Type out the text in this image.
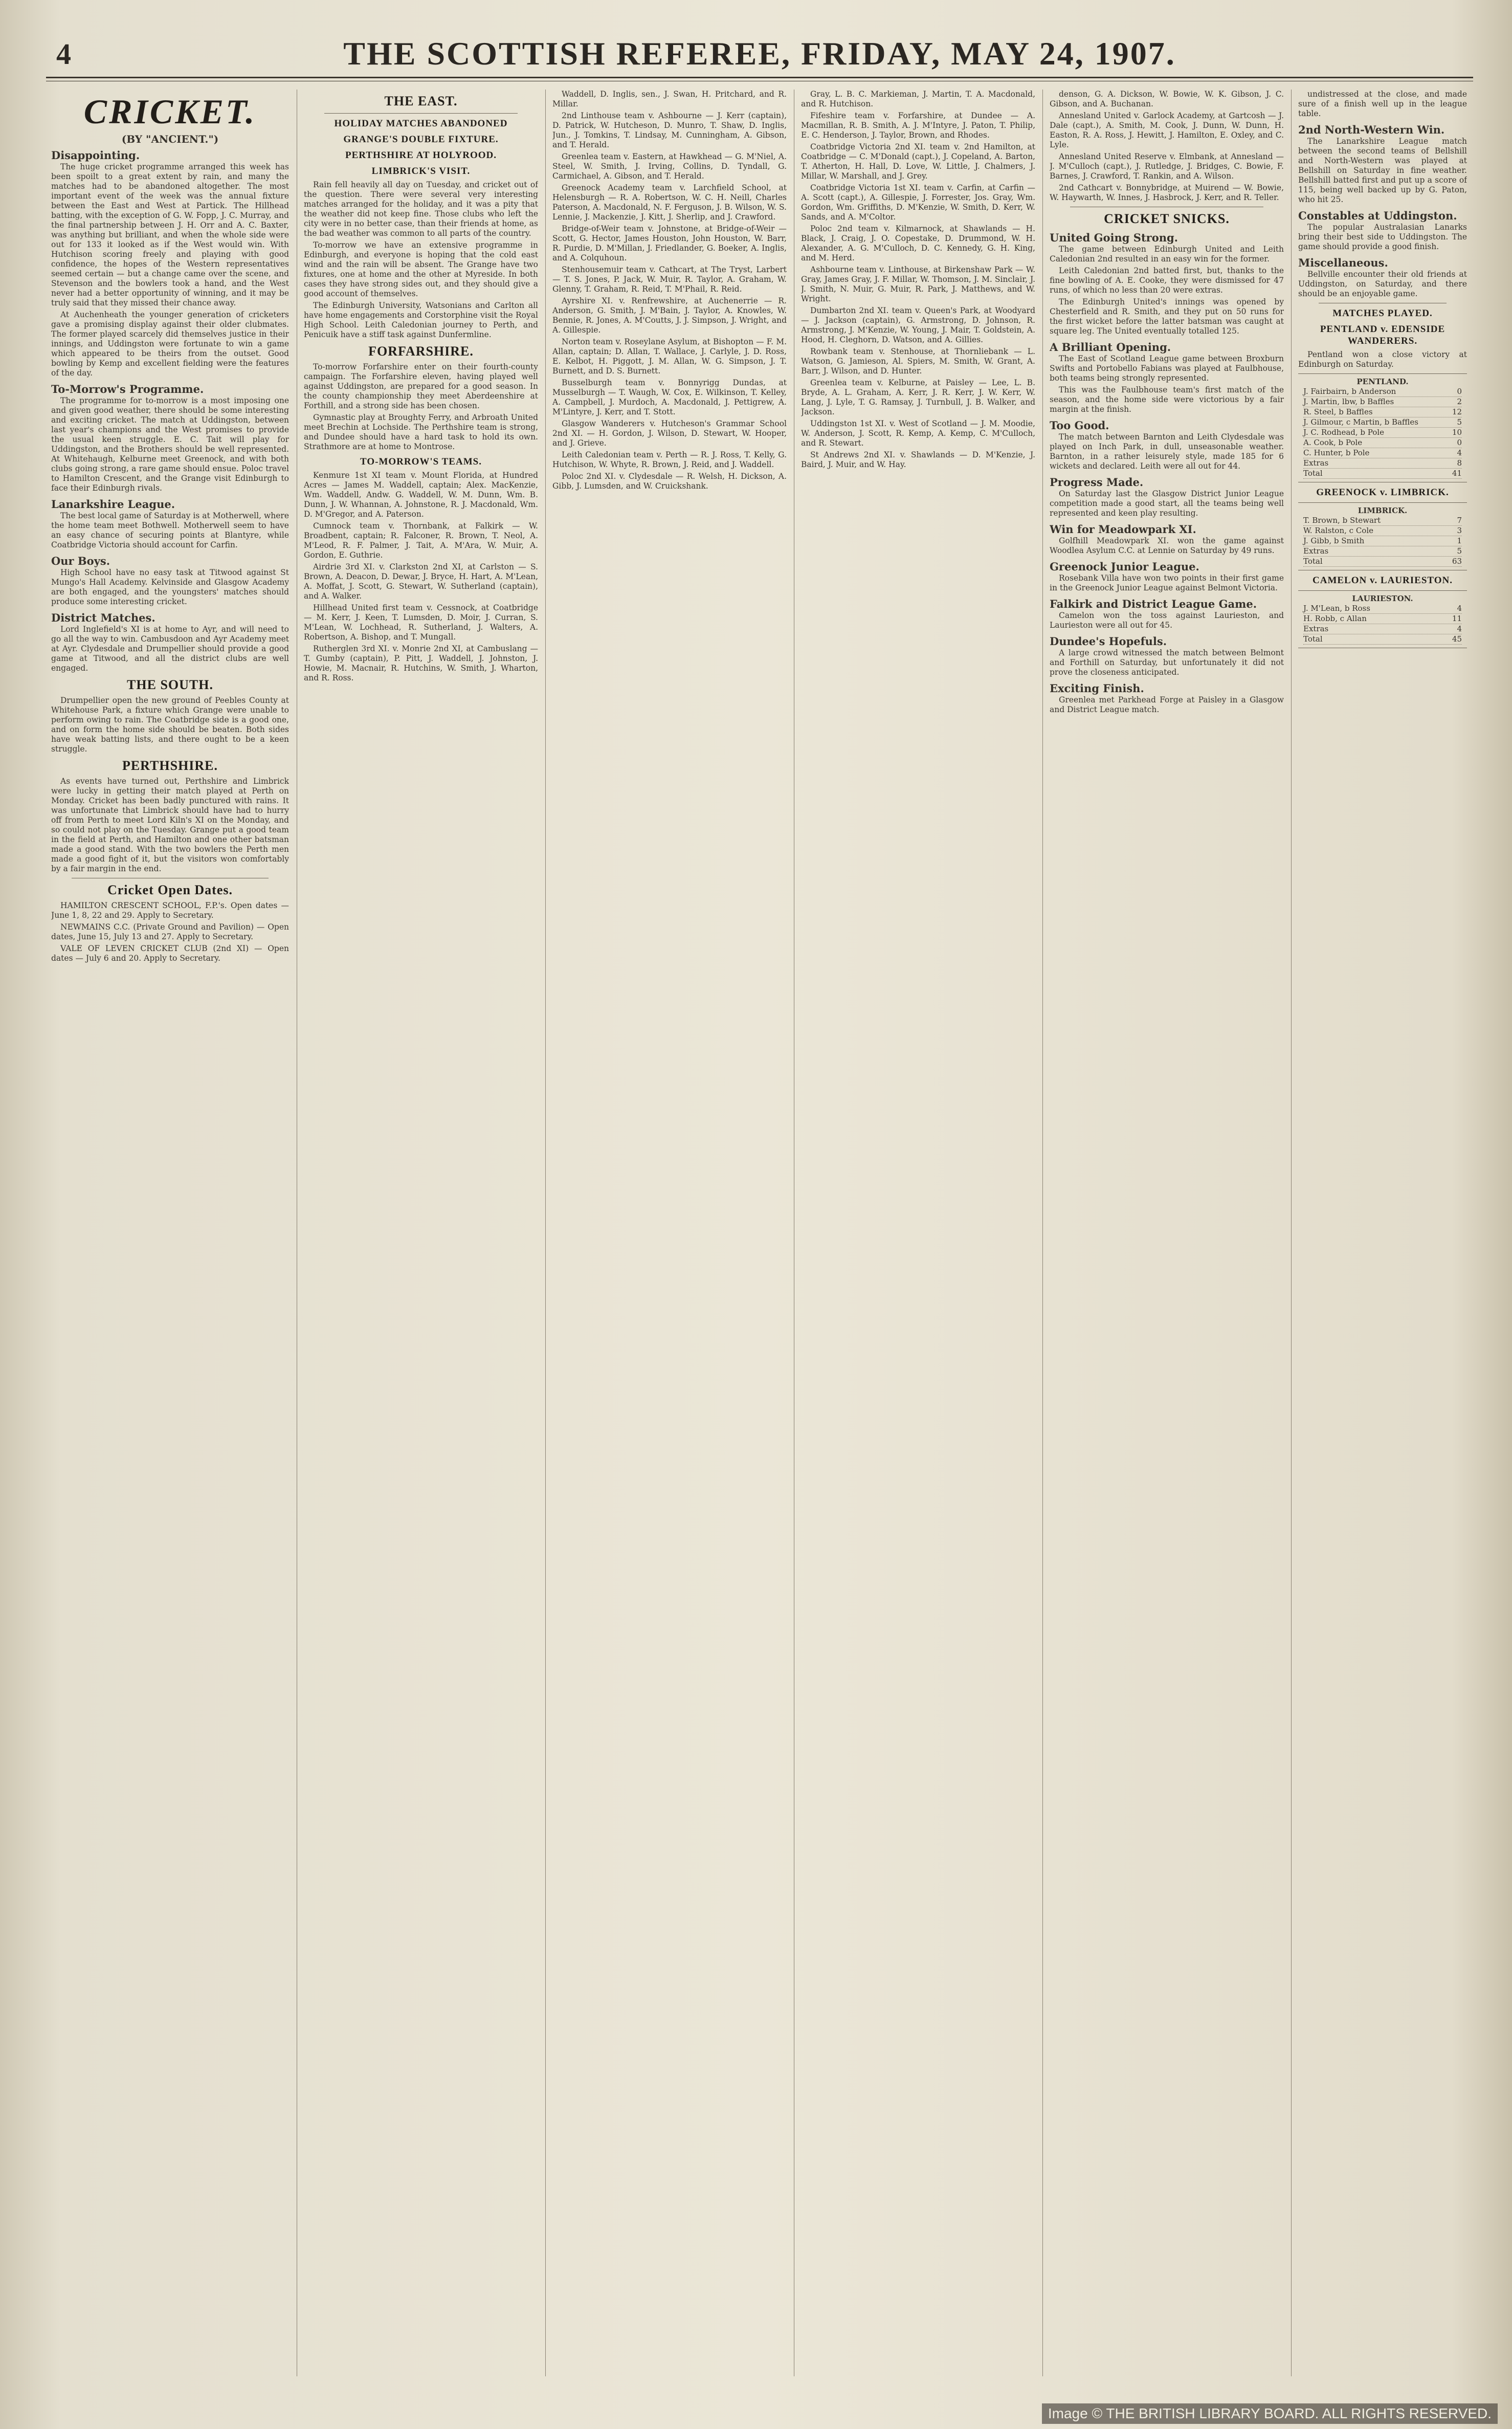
4	THE SCOTTISH REFEREE, FRIDAY, MAY 24, 1907.
CRICKET.
(BY "ANCIENT.")
Disappointing.

The huge cricket programme arranged this week has been spoilt to a great extent by rain, and many the matches had to be abandoned altogether. The most important event of the week was the annual fixture between the East and West at Partick. The Hillhead batting, with the exception of G. W. Fopp, J. C. Murray, and the final partnership between J. H. Orr and A. C. Baxter, was anything but brilliant, and when the whole side were out for 133 it looked as if the West would win. With Hutchison scoring freely and playing with good confidence, the hopes of the Western representatives seemed certain — but a change came over the scene, and Stevenson and the bowlers took a hand, and the West never had a better opportunity of winning, and it may be truly said that they missed their chance away.

At Auchenheath the younger generation of cricketers gave a promising display against their older clubmates. The former played scarcely did themselves justice in their innings, and Uddingston were fortunate to win a game which appeared to be theirs from the outset. Good bowling by Kemp and excellent fielding were the features of the day.

To-Morrow's Programme.

The programme for to-morrow is a most imposing one and given good weather, there should be some interesting and exciting cricket. The match at Uddingston, between last year's champions and the West promises to provide the usual keen struggle. E. C. Tait will play for Uddingston, and the Brothers should be well represented. At Whitehaugh, Kelburne meet Greenock, and with both clubs going strong, a rare game should ensue. Poloc travel to Hamilton Crescent, and the Grange visit Edinburgh to face their Edinburgh rivals.

Lanarkshire League.

The best local game of Saturday is at Motherwell, where the home team meet Bothwell. Motherwell seem to have an easy chance of securing points at Blantyre, while Coatbridge Victoria should account for Carfin.

Our Boys.

High School have no easy task at Titwood against St Mungo's Hall Academy. Kelvinside and Glasgow Academy are both engaged, and the youngsters' matches should produce some interesting cricket.

District Matches.

Lord Inglefield's XI is at home to Ayr, and will need to go all the way to win. Cambusdoon and Ayr Academy meet at Ayr. Clydesdale and Drumpellier should provide a good game at Titwood, and all the district clubs are well engaged.

THE SOUTH.

Drumpellier open the new ground of Peebles County at Whitehouse Park, a fixture which Grange were unable to perform owing to rain. The Coatbridge side is a good one, and on form the home side should be beaten. Both sides have weak batting lists, and there ought to be a keen struggle.

PERTHSHIRE.

As events have turned out, Perthshire and Limbrick were lucky in getting their match played at Perth on Monday. Cricket has been badly punctured with rains. It was unfortunate that Limbrick should have had to hurry off from Perth to meet Lord Kiln's XI on the Monday, and so could not play on the Tuesday. Grange put a good team in the field at Perth, and Hamilton and one other batsman made a good stand. With the two bowlers the Perth men made a good fight of it, but the visitors won comfortably by a fair margin in the end.

Cricket Open Dates.

HAMILTON CRESCENT SCHOOL, F.P.'s. Open dates — June 1, 8, 22 and 29. Apply to Secretary.

NEWMAINS C.C. (Private Ground and Pavilion) — Open dates, June 15, July 13 and 27. Apply to Secretary.

VALE OF LEVEN CRICKET CLUB (2nd XI) — Open dates — July 6 and 20. Apply to Secretary.

THE EAST.
HOLIDAY MATCHES ABANDONED
GRANGE'S DOUBLE FIXTURE.
PERTHSHIRE AT HOLYROOD.
LIMBRICK'S VISIT.

Rain fell heavily all day on Tuesday, and cricket out of the question. There were several very interesting matches arranged for the holiday, and it was a pity that the weather did not keep fine. Those clubs who left the city were in no better case, than their friends at home, as the bad weather was common to all parts of the country.

To-morrow we have an extensive programme in Edinburgh, and everyone is hoping that the cold east wind and the rain will be absent. The Grange have two fixtures, one at home and the other at Myreside. In both cases they have strong sides out, and they should give a good account of themselves.

The Edinburgh University, Watsonians and Carlton all have home engagements and Corstorphine visit the Royal High School. Leith Caledonian journey to Perth, and Penicuik have a stiff task against Dunfermline.

FORFARSHIRE.

To-morrow Forfarshire enter on their fourth-county campaign. The Forfarshire eleven, having played well against Uddingston, are prepared for a good season. In the county championship they meet Aberdeenshire at Forthill, and a strong side has been chosen.

Gymnastic play at Broughty Ferry, and Arbroath United meet Brechin at Lochside. The Perthshire team is strong, and Dundee should have a hard task to hold its own. Strathmore are at home to Montrose.

TO-MORROW'S TEAMS.

Kenmure 1st XI team v. Mount Florida, at Hundred Acres — James M. Waddell, captain; Alex. MacKenzie, Wm. Waddell, Andw. G. Waddell, W. M. Dunn, Wm. B. Dunn, J. W. Whannan, A. Johnstone, R. J. Macdonald, Wm. D. M'Gregor, and A. Paterson.

Cumnock team v. Thornbank, at Falkirk — W. Broadbent, captain; R. Falconer, R. Brown, T. Neol, A. M'Leod, R. F. Palmer, J. Tait, A. M'Ara, W. Muir, A. Gordon, E. Guthrie.

Airdrie 3rd XI. v. Clarkston 2nd XI, at Carlston — S. Brown, A. Deacon, D. Dewar, J. Bryce, H. Hart, A. M'Lean, A. Moffat, J. Scott, G. Stewart, W. Sutherland (captain), and A. Walker.

Hillhead United first team v. Cessnock, at Coatbridge — M. Kerr, J. Keen, T. Lumsden, D. Moir, J. Curran, S. M'Lean, W. Lochhead, R. Sutherland, J. Walters, A. Robertson, A. Bishop, and T. Mungall.

Rutherglen 3rd XI. v. Monrie 2nd XI, at Cambuslang — T. Gumby (captain), P. Pitt, J. Waddell, J. Johnston, J. Howie, M. Macnair, R. Hutchins, W. Smith, J. Wharton, and R. Ross.

Waddell, D. Inglis, sen., J. Swan, H. Pritchard, and R. Millar.

2nd Linthouse team v. Ashbourne — J. Kerr (captain), D. Patrick, W. Hutcheson, D. Munro, T. Shaw, D. Inglis, Jun., J. Tomkins, T. Lindsay, M. Cunningham, A. Gibson, and T. Herald.

Greenlea team v. Eastern, at Hawkhead — G. M'Niel, A. Steel, W. Smith, J. Irving, Collins, D. Tyndall, G. Carmichael, A. Gibson, and T. Herald.

Greenock Academy team v. Larchfield School, at Helensburgh — R. A. Robertson, W. C. H. Neill, Charles Paterson, A. Macdonald, N. F. Ferguson, J. B. Wilson, W. S. Lennie, J. Mackenzie, J. Kitt, J. Sherlip, and J. Crawford.

Bridge-of-Weir team v. Johnstone, at Bridge-of-Weir — Scott, G. Hector, James Houston, John Houston, W. Barr, R. Purdie, D. M'Millan, J. Friedlander, G. Boeker, A. Inglis, and A. Colquhoun.

Stenhousemuir team v. Cathcart, at The Tryst, Larbert — T. S. Jones, P. Jack, W. Muir, R. Taylor, A. Graham, W. Glenny, T. Graham, R. Reid, T. M'Phail, R. Reid.

Ayrshire XI. v. Renfrewshire, at Auchenerrie — R. Anderson, G. Smith, J. M'Bain, J. Taylor, A. Knowles, W. Bennie, R. Jones, A. M'Coutts, J. J. Simpson, J. Wright, and A. Gillespie.

Norton team v. Roseylane Asylum, at Bishopton — F. M. Allan, captain; D. Allan, T. Wallace, J. Carlyle, J. D. Ross, E. Kelbot, H. Piggott, J. M. Allan, W. G. Simpson, J. T. Burnett, and D. S. Burnett.

Busselburgh team v. Bonnyrigg Dundas, at Musselburgh — T. Waugh, W. Cox, E. Wilkinson, T. Kelley, A. Campbell, J. Murdoch, A. Macdonald, J. Pettigrew, A. M'Lintyre, J. Kerr, and T. Stott.

Glasgow Wanderers v. Hutcheson's Grammar School 2nd XI. — H. Gordon, J. Wilson, D. Stewart, W. Hooper, and J. Grieve.

Leith Caledonian team v. Perth — R. J. Ross, T. Kelly, G. Hutchison, W. Whyte, R. Brown, J. Reid, and J. Waddell.

Poloc 2nd XI. v. Clydesdale — R. Welsh, H. Dickson, A. Gibb, J. Lumsden, and W. Cruickshank.

Gray, L. B. C. Markieman, J. Martin, T. A. Macdonald, and R. Hutchison.

Fifeshire team v. Forfarshire, at Dundee — A. Macmillan, R. B. Smith, A. J. M'Intyre, J. Paton, T. Philip, E. C. Henderson, J. Taylor, Brown, and Rhodes.

Coatbridge Victoria 2nd XI. team v. 2nd Hamilton, at Coatbridge — C. M'Donald (capt.), J. Copeland, A. Barton, T. Atherton, H. Hall, D. Love, W. Little, J. Chalmers, J. Millar, W. Marshall, and J. Grey.

Coatbridge Victoria 1st XI. team v. Carfin, at Carfin — A. Scott (capt.), A. Gillespie, J. Forrester, Jos. Gray, Wm. Gordon, Wm. Griffiths, D. M'Kenzie, W. Smith, D. Kerr, W. Sands, and A. M'Coltor.

Poloc 2nd team v. Kilmarnock, at Shawlands — H. Black, J. Craig, J. O. Copestake, D. Drummond, W. H. Alexander, A. G. M'Culloch, D. C. Kennedy, G. H. King, and M. Herd.

Ashbourne team v. Linthouse, at Birkenshaw Park — W. Gray, James Gray, J. F. Millar, W. Thomson, J. M. Sinclair, J. J. Smith, N. Muir, G. Muir, R. Park, J. Matthews, and W. Wright.

Dumbarton 2nd XI. team v. Queen's Park, at Woodyard — J. Jackson (captain), G. Armstrong, D. Johnson, R. Armstrong, J. M'Kenzie, W. Young, J. Mair, T. Goldstein, A. Hood, H. Cleghorn, D. Watson, and A. Gillies.

Rowbank team v. Stenhouse, at Thornliebank — L. Watson, G. Jamieson, Al. Spiers, M. Smith, W. Grant, A. Barr, J. Wilson, and D. Hunter.

Greenlea team v. Kelburne, at Paisley — Lee, L. B. Bryde, A. L. Graham, A. Kerr, J. R. Kerr, J. W. Kerr, W. Lang, J. Lyle, T. G. Ramsay, J. Turnbull, J. B. Walker, and Jackson.

Uddingston 1st XI. v. West of Scotland — J. M. Moodie, W. Anderson, J. Scott, R. Kemp, A. Kemp, C. M'Culloch, and R. Stewart.

St Andrews 2nd XI. v. Shawlands — D. M'Kenzie, J. Baird, J. Muir, and W. Hay.

denson, G. A. Dickson, W. Bowie, W. K. Gibson, J. C. Gibson, and A. Buchanan.

Annesland United v. Garlock Academy, at Gartcosh — J. Dale (capt.), A. Smith, M. Cook, J. Dunn, W. Dunn, H. Easton, R. A. Ross, J. Hewitt, J. Hamilton, E. Oxley, and C. Lyle.

Annesland United Reserve v. Elmbank, at Annesland — J. M'Culloch (capt.), J. Rutledge, J. Bridges, C. Bowie, F. Barnes, J. Crawford, T. Rankin, and A. Wilson.

2nd Cathcart v. Bonnybridge, at Muirend — W. Bowie, W. Haywarth, W. Innes, J. Hasbrock, J. Kerr, and R. Teller.

CRICKET SNICKS.
United Going Strong.

The game between Edinburgh United and Leith Caledonian 2nd resulted in an easy win for the former.

Leith Caledonian 2nd batted first, but, thanks to the fine bowling of A. E. Cooke, they were dismissed for 47 runs, of which no less than 20 were extras.

The Edinburgh United's innings was opened by Chesterfield and R. Smith, and they put on 50 runs for the first wicket before the latter batsman was caught at square leg. The United eventually totalled 125.

A Brilliant Opening.

The East of Scotland League game between Broxburn Swifts and Portobello Fabians was played at Faulbhouse, both teams being strongly represented.

This was the Faulbhouse team's first match of the season, and the home side were victorious by a fair margin at the finish.

Too Good.

The match between Barnton and Leith Clydesdale was played on Inch Park, in dull, unseasonable weather. Barnton, in a rather leisurely style, made 185 for 6 wickets and declared. Leith were all out for 44.

Progress Made.

On Saturday last the Glasgow District Junior League competition made a good start, all the teams being well represented and keen play resulting.

Win for Meadowpark XI.

Golfhill Meadowpark XI. won the game against Woodlea Asylum C.C. at Lennie on Saturday by 49 runs.

Greenock Junior League.

Rosebank Villa have won two points in their first game in the Greenock Junior League against Belmont Victoria.

Falkirk and District League Game.

Camelon won the toss against Laurieston, and Laurieston were all out for 45.

Dundee's Hopefuls.

A large crowd witnessed the match between Belmont and Forthill on Saturday, but unfortunately it did not prove the closeness anticipated.

Exciting Finish.

Greenlea met Parkhead Forge at Paisley in a Glasgow and District League match.

undistressed at the close, and made sure of a finish well up in the league table.

2nd North-Western Win.

The Lanarkshire League match between the second teams of Bellshill and North-Western was played at Bellshill on Saturday in fine weather. Bellshill batted first and put up a score of 115, being well backed up by G. Paton, who hit 25.

Constables at Uddingston.

The popular Australasian Lanarks bring their best side to Uddingston. The game should provide a good finish.

Miscellaneous.

Bellville encounter their old friends at Uddingston, on Saturday, and there should be an enjoyable game.

MATCHES PLAYED.
PENTLAND v. EDENSIDE WANDERERS.

Pentland won a close victory at Edinburgh on Saturday.

PENTLAND.
J. Fairbairn, b Anderson	0
J. Martin, lbw, b Baffles	2
R. Steel, b Baffles	12
J. Gilmour, c Martin, b Baffles	5
J. C. Rodhead, b Pole	10
A. Cook, b Pole	0
C. Hunter, b Pole	4
Extras	8
Total	41
GREENOCK v. LIMBRICK.
LIMBRICK.
T. Brown, b Stewart	7
W. Ralston, c Cole	3
J. Gibb, b Smith	1
Extras	5
Total	63
CAMELON v. LAURIESTON.
LAURIESTON.
J. M'Lean, b Ross	4
H. Robb, c Allan	11
Extras	4
Total	45
Image © THE BRITISH LIBRARY BOARD. ALL RIGHTS RESERVED.
